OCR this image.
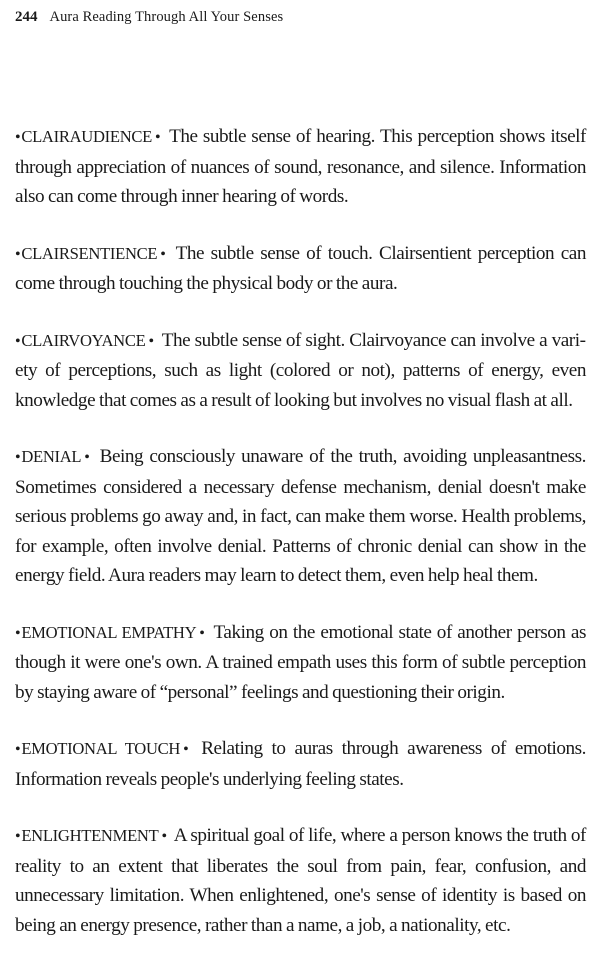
244 Aura Reading Through All Your Senses

• CLAIRAUDIENCE • The subtle sense of hearing. This perception shows itself through appreciation of nuances of sound, resonance, and silence. Information also can come through inner hearing of words.

• CLAIRSENTIENCE • The subtle sense of touch. Clairsentient perception can come through touching the physical body or the aura.

• CLAIRVOYANCE • The subtle sense of sight. Clairvoyance can involve a variety of perceptions, such as light (colored or not), patterns of energy, even knowledge that comes as a result of looking but involves no visual flash at all.

• DENIAL • Being consciously unaware of the truth, avoiding unpleasantness. Sometimes considered a necessary defense mechanism, denial doesn't make serious problems go away and, in fact, can make them worse. Health problems, for example, often involve denial. Patterns of chronic denial can show in the energy field. Aura readers may learn to detect them, even help heal them.

• EMOTIONAL EMPATHY • Taking on the emotional state of another person as though it were one's own. A trained empath uses this form of subtle perception by staying aware of “personal” feelings and questioning their origin.

• EMOTIONAL TOUCH • Relating to auras through awareness of emotions. Information reveals people's underlying feeling states.

• ENLIGHTENMENT • A spiritual goal of life, where a person knows the truth of reality to an extent that liberates the soul from pain, fear, confusion, and unnecessary limitation. When enlightened, one's sense of identity is based on being an energy presence, rather than a name, a job, a nationality, etc.
